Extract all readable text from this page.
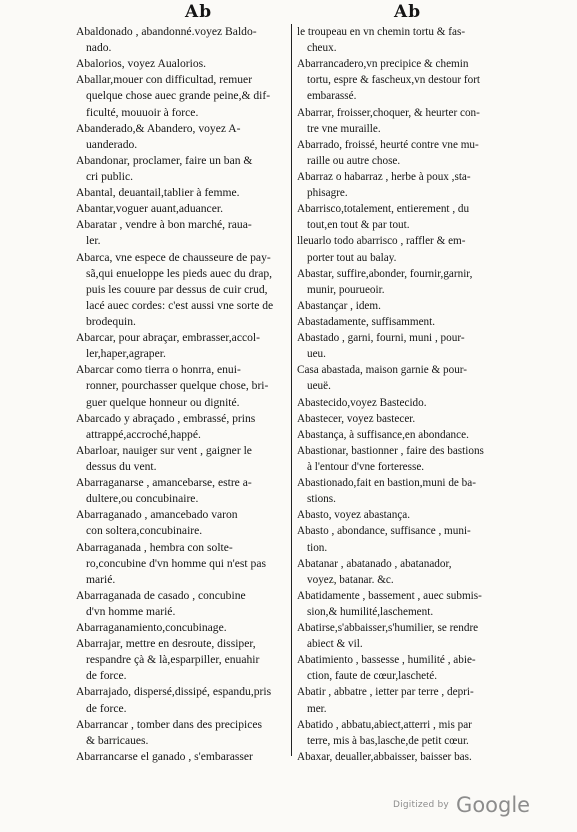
Ab	Ab
Abaldonado , abandonné.voyez Baldo-
nado.
Abalorios, voyez Aualorios.
Aballar,mouer con difficultad, remuer
quelque chose auec grande peine,& dif-
ficulté, mouuoir à force.
Abanderado,& Abandero, voyez A-
uanderado.
Abandonar, proclamer, faire un ban &
cri public.
Abantal, deuantail,tablier à femme.
Abantar,voguer auant,aduancer.
Abaratar , vendre à bon marché, raua-
ler.
Abarca, vne espece de chausseure de pay-
sã,qui enueloppe les pieds auec du drap,
puis les couure par dessus de cuir crud,
lacé auec cordes: c'est aussi vne sorte de
brodequin.
Abarcar, pour abraçar, embrasser,accol-
ler,haper,agraper.
Abarcar como tierra o honrra, enui-
ronner, pourchasser quelque chose, bri-
guer quelque honneur ou dignité.
Abarcado y abraçado , embrassé, prins
attrappé,accroché,happé.
Abarloar, nauiger sur vent , gaigner le
dessus du vent.
Abarraganarse , amancebarse, estre a-
dultere,ou concubinaire.
Abarraganado , amancebado varon
con soltera,concubinaire.
Abarraganada , hembra con solte-
ro,concubine d'vn homme qui n'est pas
marié.
Abarraganada de casado , concubine
d'vn homme marié.
Abarraganamiento,concubinage.
Abarrajar, mettre en desroute, dissiper,
respandre çà & là,esparpiller, enuahir
de force.
Abarrajado, dispersé,dissipé, espandu,pris
de force.
Abarrancar , tomber dans des precipices
& barricaues.
Abarrancarse el ganado , s'embarasser
le troupeau en vn chemin tortu & fas-
cheux.
Abarrancadero,vn precipice & chemin
tortu, espre & fascheux,vn destour fort
embarassé.
Abarrar, froisser,choquer, & heurter con-
tre vne muraille.
Abarrado, froissé, heurté contre vne mu-
raille ou autre chose.
Abarraz o habarraz , herbe à poux ,sta-
phisagre.
Abarrisco,totalement, entierement , du
tout,en tout & par tout.
lleuarlo todo abarrisco , raffler & em-
porter tout au balay.
Abastar, suffire,abonder, fournir,garnir,
munir, pourueoir.
Abastançar , idem.
Abastadamente, suffisamment.
Abastado , garni, fourni, muni , pour-
ueu.
Casa abastada, maison garnie & pour-
ueuë.
Abastecido,voyez Bastecido.
Abastecer, voyez bastecer.
Abastança, à suffisance,en abondance.
Abastionar, bastionner , faire des bastions
à l'entour d'vne forteresse.
Abastionado,fait en bastion,muni de ba-
stions.
Abasto, voyez abastança.
Abasto , abondance, suffisance , muni-
tion.
Abatanar , abatanado , abatanador,
voyez, batanar. &c.
Abatidamente , bassement , auec submis-
sion,& humilité,laschement.
Abatirse,s'abbaisser,s'humilier, se rendre
abiect & vil.
Abatimiento , bassesse , humilité , abie-
ction, faute de cœur,lascheté.
Abatir , abbatre , ietter par terre , depri-
mer.
Abatido , abbatu,abiect,atterri , mis par
terre, mis à bas,lasche,de petit cœur.
Abaxar, deualler,abbaisser, baisser bas.
Digitized by Google
